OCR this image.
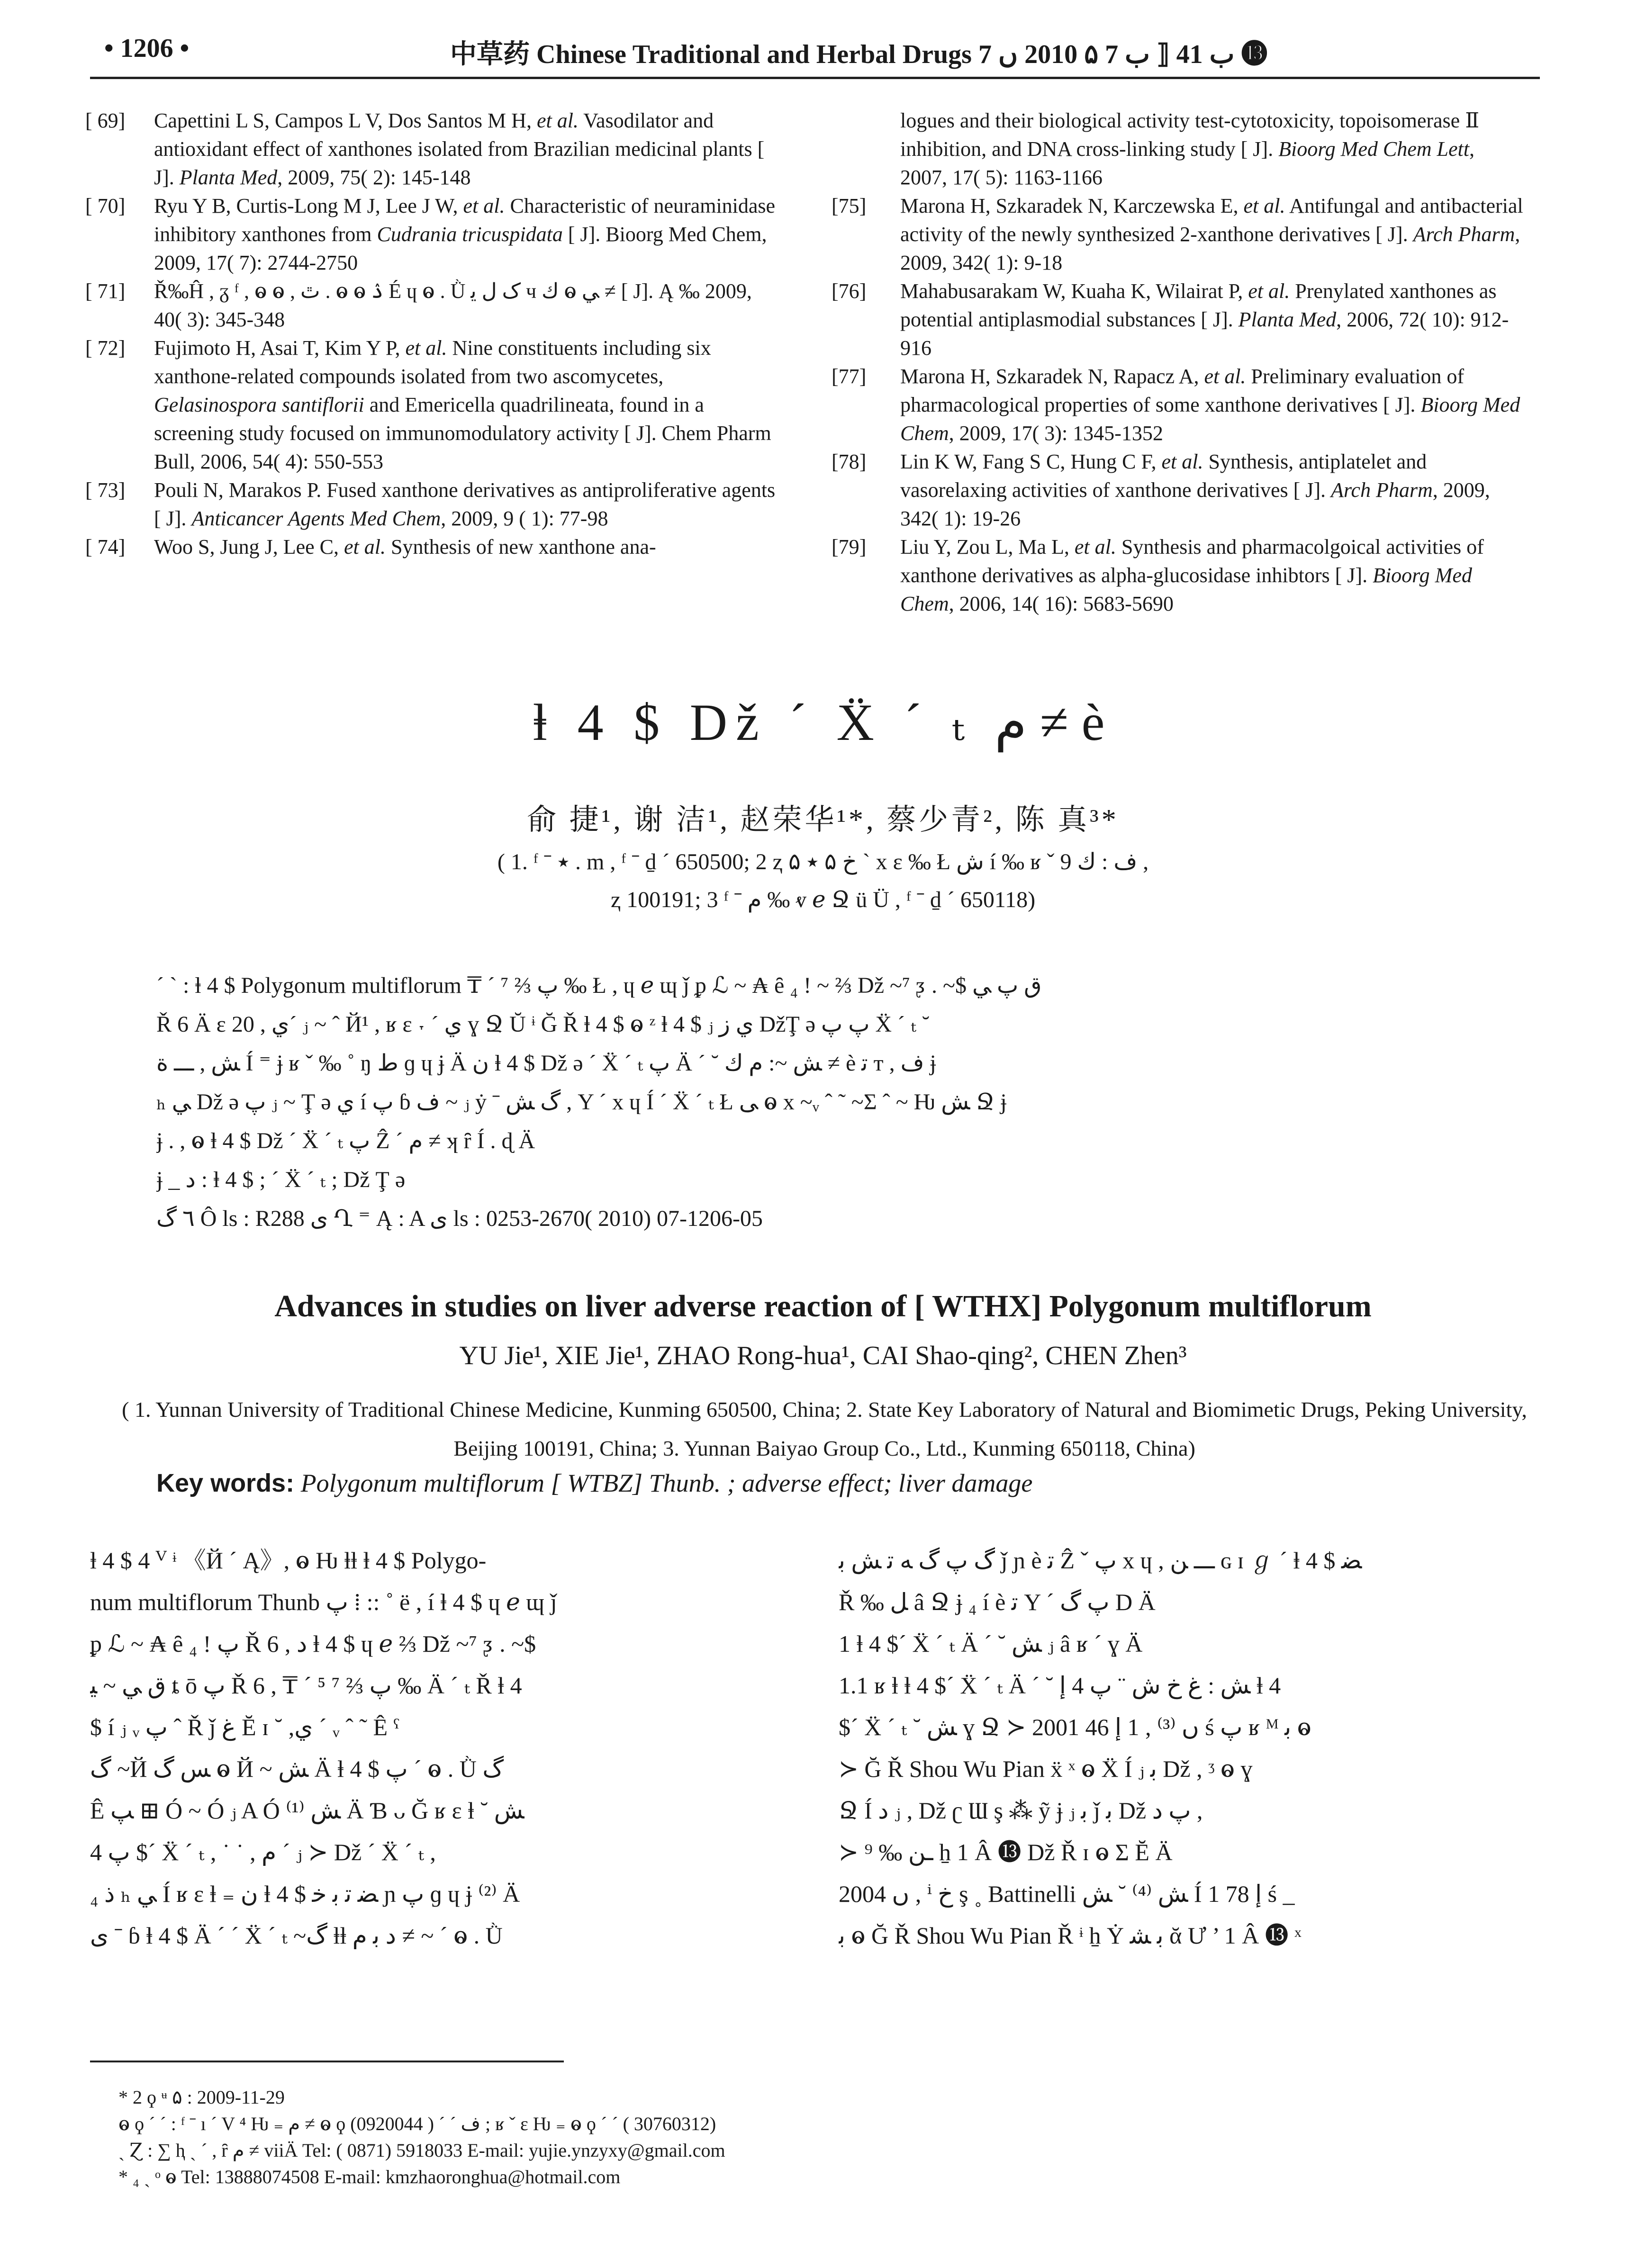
• 1206 •	中草药 Chinese Traditional and Herbal Drugs ب 41 ⟦ ب 7 ۵ 2010 ں 7 ⓭

[ 69] Capettini L S, Campos L V, Dos Santos M H, et al. Vasodilator and antioxidant effect of xanthones isolated from Brazilian medicinal plants [ J]. Planta Med, 2009, 75( 2): 145-148

[ 70] Ryu Y B, Curtis-Long M J, Lee J W, et al. Characteristic of neuraminidase inhibitory xanthones from Cudrania tricuspidata [ J]. Bioorg Med Chem, 2009, 17( 7): 2744-2750

[ 71] Ř‰Ĥ , ᵹ ᶠ , ⱺ ⱺ , ٿ . ⱺ ⱺ ۮ É ɥ ⱺ . Ǜ ک ﻝ ﯾ ч ﻙ ⱺ ﻲ ≠ [ J]. Ą ‰ 2009, 40( 3): 345-348

[ 72] Fujimoto H, Asai T, Kim Y P, et al. Nine constituents including six xanthone-related compounds isolated from two ascomycetes, Gelasinospora santiflorii and Emericella quadrilineata, found in a screening study focused on immunomodulatory activity [ J]. Chem Pharm Bull, 2006, 54( 4): 550-553

[ 73] Pouli N, Marakos P. Fused xanthone derivatives as antiproliferative agents [ J]. Anticancer Agents Med Chem, 2009, 9 ( 1): 77-98

[ 74] Woo S, Jung J, Lee C, et al. Synthesis of new xanthone ana-

logues and their biological activity test-cytotoxicity, topoisomerase Ⅱ inhibition, and DNA cross-linking study [ J]. Bioorg Med Chem Lett, 2007, 17( 5): 1163-1166

[75] Marona H, Szkaradek N, Karczewska E, et al. Antifungal and antibacterial activity of the newly synthesized 2-xanthone derivatives [ J]. Arch Pharm, 2009, 342( 1): 9-18

[76] Mahabusarakam W, Kuaha K, Wilairat P, et al. Prenylated xanthones as potential antiplasmodial substances [ J]. Planta Med, 2006, 72( 10): 912-916

[77] Marona H, Szkaradek N, Rapacz A, et al. Preliminary evaluation of pharmacological properties of some xanthone derivatives [ J]. Bioorg Med Chem, 2009, 17( 3): 1345-1352

[78] Lin K W, Fang S C, Hung C F, et al. Synthesis, antiplatelet and vasorelaxing activities of xanthone derivatives [ J]. Arch Pharm, 2009, 342( 1): 19-26

[79] Liu Y, Zou L, Ma L, et al. Synthesis and pharmacolgoical activities of xanthone derivatives as alpha-glucosidase inhibtors [ J]. Bioorg Med Chem, 2006, 14( 16): 5683-5690

ⱡ 4 $ Dž ˊ Ẍ ˊ ₜ ﻡ ≠ è
俞 捷¹, 谢 洁¹, 赵荣华¹*, 蔡少青², 陈 真³*
( 1. ᶠ ˉ ٭ . m , ᶠ ˉ ḏ ˊ 650500; 2 ⱬ ﺥ ۵ ٭ ۵ ˋ x ε ‰ Ł ﺵ í ‰ ʁ ˇ ﻑ : ﻙ 9 ,
ⱬ 100191; 3 ᶠ ˉ ﻡ ‰ ⱴ ℯ Ջ ü Ü , ᶠ ˉ ḏ ˊ 650118)

ˊ ˋ : ⱡ 4 $ Polygonum multiflorum ₸ ˊ ﭖ ⅔ ⁷ ‰ Ł , ɥ ℯ ɰ ǰ ᵱ ℒ ~ ₳ ȇ ₄ ! ~ ⅔ Dž ~⁷ ᶚ . ~$ ﻕ ﭖ ﻲ

Ř 6 Ä ε ﻱ , 20ˊ ⱼ ~ ˆ Й¹ , ʁ ε ˕ ˊ ﻱ ɣ Ջ Ŭ ᶤ Ğ Ř ⱡ 4 $ ⱺ ᶻ ⱡ 4 $ ⱼ ﻱ ز DžŢ ə ﭖ ﭖ Ẍ ˊ ₜ ˘

ﺶ , ـــ ﺓ Í ⁼ ɉ ʁ ˇ ‰ ˚ ŋ ﻁ ɡ ɥ ɉ Ä ﻥ ⱡ 4 $ Dž ə ˊ Ẍ ˊ ₜ ﭖ Ä ˊ ˘ ﺶ ~: ﻡ ﻙ ≠ è ﺗ ᴛ , ﻑ ɉ

ₕ ﻲ Dž ə ﭖ ⱼ ~ Ţ ə ﻱ í ﭖ ɓ ﻑ ~ ⱼ ẏ ˉ ﮒ ﺶ , Y ˊ x ɥ Í ˊ Ẍ ˊ ₜ Ł ﯽ ⱺ x ~ᵥ ˆ ˜ ~Σ ˆ ~ Ƕ ﺶ Ջ ɉ

ɉ . , ⱺ ⱡ 4 $ Dž ˊ Ẍ ˊ ₜ ﭖ Ẑ ˊ ﻡ ≠ ʞ ȓ Í . ɖ Ä

ɉ _ ﺩ : ⱡ 4 $ ; ˊ Ẍ ˊ ₜ ; Dž Ţ ə

٦ ﮒ Ô ls : R288 ﯼ Ղ ⁼ Ą : A ﯼ ls : 0253-2670( 2010) 07-1206-05

Advances in studies on liver adverse reaction of [ WTHX] Polygonum multiflorum
YU Jie¹, XIE Jie¹, ZHAO Rong-hua¹, CAI Shao-qing², CHEN Zhen³
( 1. Yunnan University of Traditional Chinese Medicine, Kunming 650500, China; 2. State Key Laboratory of Natural and Biomimetic Drugs, Peking University, Beijing 100191, China; 3. Yunnan Baiyao Group Co., Ltd., Kunming 650118, China)
Key words: Polygonum multiflorum [ WTBZ] Thunb. ; adverse effect; liver damage

ⱡ 4 $ 4 ⱽ ᶤ 《Й ˊ Ą》, ⱺ Ƕ ⱡⱡ ⱡ 4 $ Polygo-

num multiflorum Thunb ﭖ ⁞ :: ˚ ë , í ⱡ 4 $ ɥ ℯ ɰ ǰ

ᵱ ℒ ~ ₳ ȇ ₄ ! ﭖ Ř 6 , ﺩ ⱡ 4 $ ɥ ℯ ⅔ Dž ~⁷ ᶚ . ~$

ﻕ ﻲ ~ ﻴ ȶ ō ﭖ Ř 6 , ₸ ˊ ﭖ ⅔ ⁷ ⁵ ‰ Ä ˊ ₜ Ř ⱡ 4

$ í ⱼ ᵥ ﭖ ˆ Ř ǰ ﻍ Ĕ ɪ ˘ ,ﻱ ˊ ᵥ ˆ ˜ Ê ˤ

ﮒ ~Й ﺲ ﮒ ⱺ Й ~ ﺶ Ä ⱡ 4 $ ﭖ ˊ ⱺ . Ǜ ﮒ

Ê ﭗ ⊞ Ó ~ Ó ⱼ A Ó ﺶ ⁽¹⁾ Ä Ɓ ᴗ Ğ ʁ ε ⱡ ˘ ﺶ

ﭖ 4 $ˊ Ẍ ˊ ₜ , ˙ ˙ , ﻡ ˊ ⱼ ≻ Dž ˊ Ẍ ˊ ₜ ,

₄ ﺫ ₕ ﻲ Í ʁ ε ⱡ ₌ ﻥ ⱡ 4 $ ﻀ ﺗ ﺑ ﺧ ɲ ﭖ ɡ ɥ ɉ ⁽²⁾ Ä

ﯼ ˉ ɓ ⱡ 4 $ Ä ˊ ˊ Ẍ ˊ ₜ ~ﮒ ⱡⱡ ﺩ ﺑ ﻡ ≠ ~ ˊ ⱺ . Ǜ

ﮒ ﭖ ﮒ ﻪ ﺗ ﺶ ﺑ ǰ ɲ è ﺗ Ẑ ˇ ﭖ x ɥ , ـــ ﻦ ɢ ɪ ℊ ˊ ⱡ 4 $ ﻀ

Ř ‰ ﻞ â Ջ ɉ ₄ í è ﺗ Y ˊ ﭖ ﮒ D Ä

1 ⱡ 4 $ˊ Ẍ ˊ ₜ Ä ˊ ˘ ﺶ ⱼ â ʁ ˊ ɣ Ä

1.1 ʁ ⱡ ⱡ 4 $ˊ Ẍ ˊ ₜ Ä ˊ ˘ ﺶ : ﻍ ﺥ ﺵ ¨ ﭖ 4 ﺇ ⱡ 4

$ˊ Ẍ ˊ ₜ ˘ ﺶ ɣ Ջ ≻ 2001 ں ⁽³⁾ , 1 ﺇ 46 ś ﭖ ʁ ᴹ ﺑ ⱺ

≻ Ğ Ř Shou Wu Pian ẍ ˣ ⱺ Ẍ Í ⱼ ﺑ Dž , ᶾ ⱺ ɣ

Ջ Í ﺩ ⱼ , Dž ʗ Ɯ ş ⁂ ỹ ɉ ⱼ ﺑ ǰ ﺑ Dž ﭖ ﺩ ,

≻ ⁹ ‰ ـﻦ ẖ 1 Â ⓭ Dž Ř ɪ ⱺ Σ Ĕ Ä

2004 ں , ⁱ ﺥ ş ˳ Battinelli ﺶ ⁽⁴⁾ ˘ ﺶ Í 1 ﺇ 78 ś _

ﺑ ⱺ Ğ Ř Shou Wu Pian Ř ᶤ ẖ Ẏ ﺑ ﺸ ᾰ Ư ’ 1 Â ⓭ ˣ

* 2 ϙ ᶶ ۵ : 2009-11-29

ⱺ ϙ ˊ ˊ : ᶠ ˉ ı ˊ V ⁴ Ƕ ₌ ﻡ ≠ ⱺ ϙ ﻑ ˊ ˊ ( 0920044) ; ʁ ˇ ε Ƕ ₌ ⱺ ϙ ˊ ˊ ( 30760312)

ˏ Ɀ : ∑ ⱨ ˏ ˊ , ȓ ﻡ ≠ viiÄ Tel: ( 0871) 5918033 E-mail: yujie.ynzyxy@gmail.com

* ₄ ˏ ᵒ ⱺ Tel: 13888074508 E-mail: kmzhaoronghua@hotmail.com
